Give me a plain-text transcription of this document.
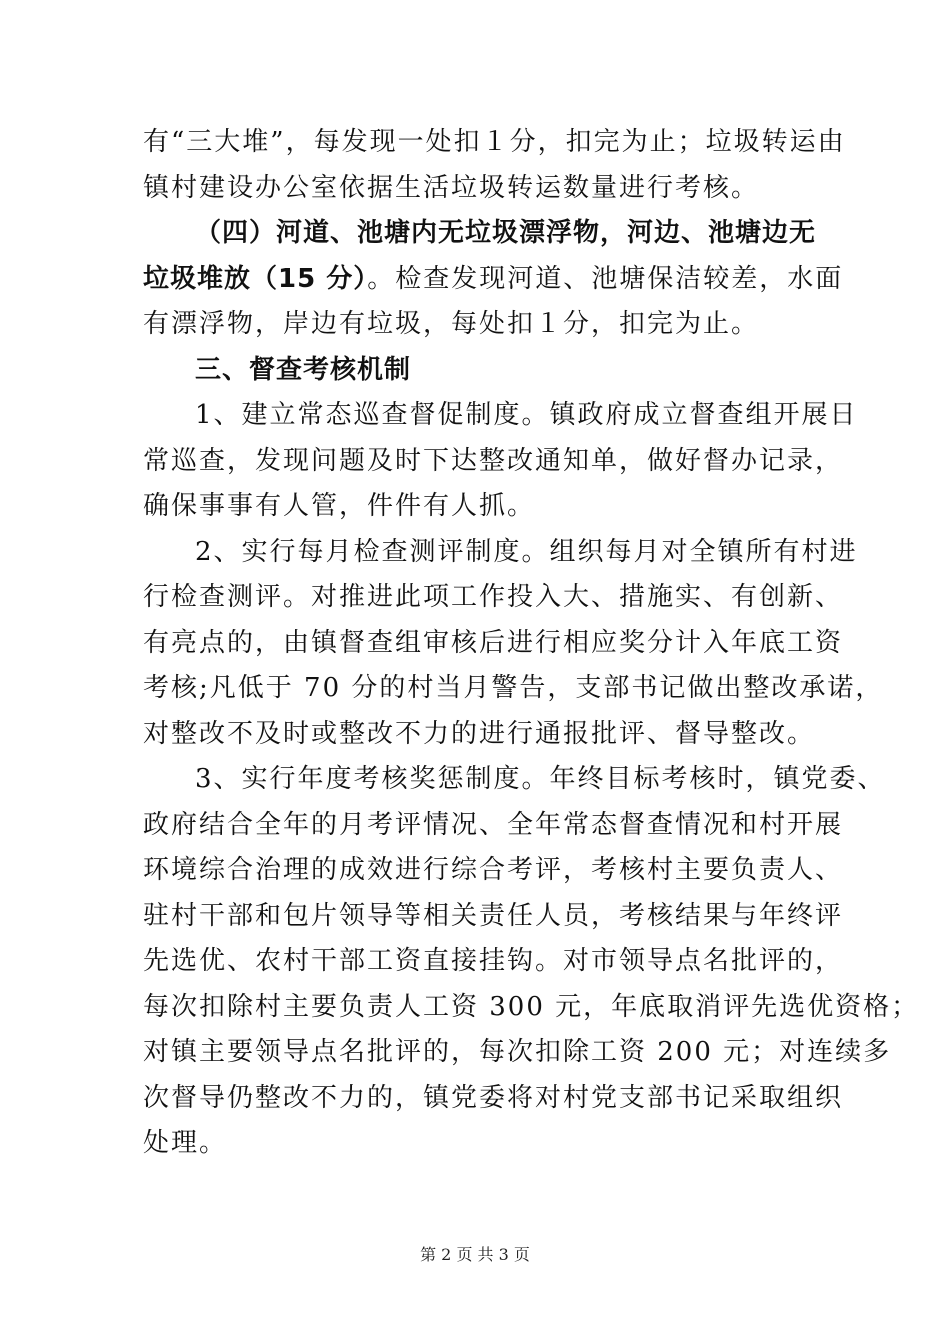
有“三大堆”，每发现一处扣１分，扣完为止；垃圾转运由
镇村建设办公室依据生活垃圾转运数量进行考核。
（四）河道、池塘内无垃圾漂浮物，河边、池塘边无
垃圾堆放（15 分）。检查发现河道、池塘保洁较差，水面
有漂浮物，岸边有垃圾，每处扣１分，扣完为止。
三、督查考核机制
1、建立常态巡查督促制度。镇政府成立督查组开展日
常巡查，发现问题及时下达整改通知单，做好督办记录，
确保事事有人管，件件有人抓。
2、实行每月检查测评制度。组织每月对全镇所有村进
行检查测评。对推进此项工作投入大、措施实、有创新、
有亮点的，由镇督查组审核后进行相应奖分计入年底工资
考核;凡低于 70 分的村当月警告，支部书记做出整改承诺，
对整改不及时或整改不力的进行通报批评、督导整改。
3、实行年度考核奖惩制度。年终目标考核时，镇党委、
政府结合全年的月考评情况、全年常态督查情况和村开展
环境综合治理的成效进行综合考评，考核村主要负责人、
驻村干部和包片领导等相关责任人员，考核结果与年终评
先选优、农村干部工资直接挂钩。对市领导点名批评的，
每次扣除村主要负责人工资 300 元，年底取消评先选优资格；
对镇主要领导点名批评的，每次扣除工资 200 元；对连续多
次督导仍整改不力的，镇党委将对村党支部书记采取组织
处理。
第 2 页 共 3 页
